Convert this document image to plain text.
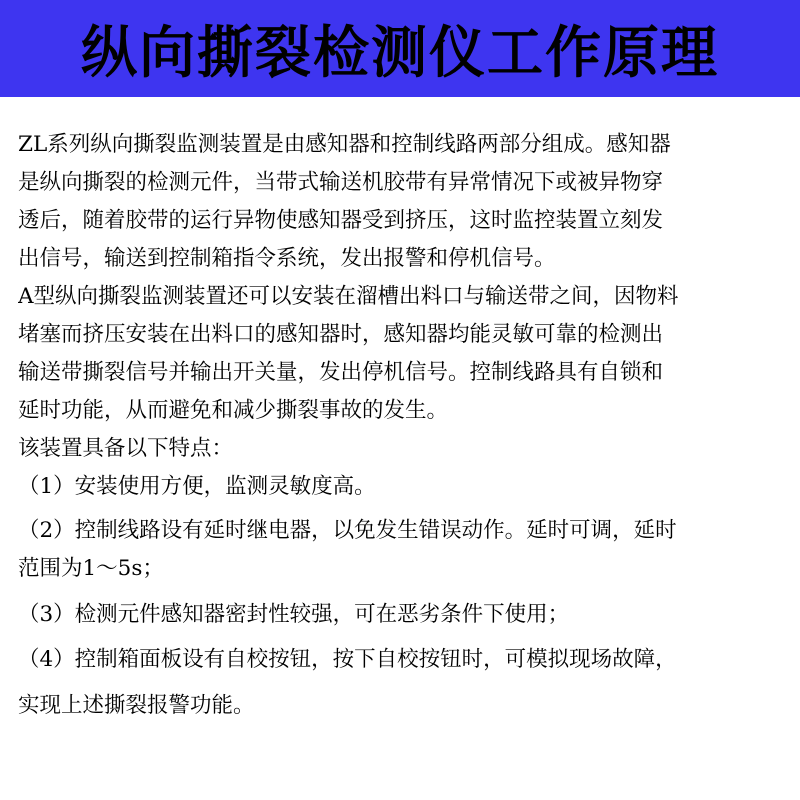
纵向撕裂检测仪工作原理
ZL系列纵向撕裂监测装置是由感知器和控制线路两部分组成。感知器
是纵向撕裂的检测元件，当带式输送机胶带有异常情况下或被异物穿
透后，随着胶带的运行异物使感知器受到挤压，这时监控装置立刻发
出信号，输送到控制箱指令系统，发出报警和停机信号。
A型纵向撕裂监测装置还可以安装在溜槽出料口与输送带之间，因物料
堵塞而挤压安装在出料口的感知器时，感知器均能灵敏可靠的检测出
输送带撕裂信号并输出开关量，发出停机信号。控制线路具有自锁和
延时功能，从而避免和减少撕裂事故的发生。
该装置具备以下特点：
（1）安装使用方便，监测灵敏度高。
（2）控制线路设有延时继电器，以免发生错误动作。延时可调，延时
范围为1～5s；
（3）检测元件感知器密封性较强，可在恶劣条件下使用；
（4）控制箱面板设有自校按钮，按下自校按钮时，可模拟现场故障，
实现上述撕裂报警功能。
